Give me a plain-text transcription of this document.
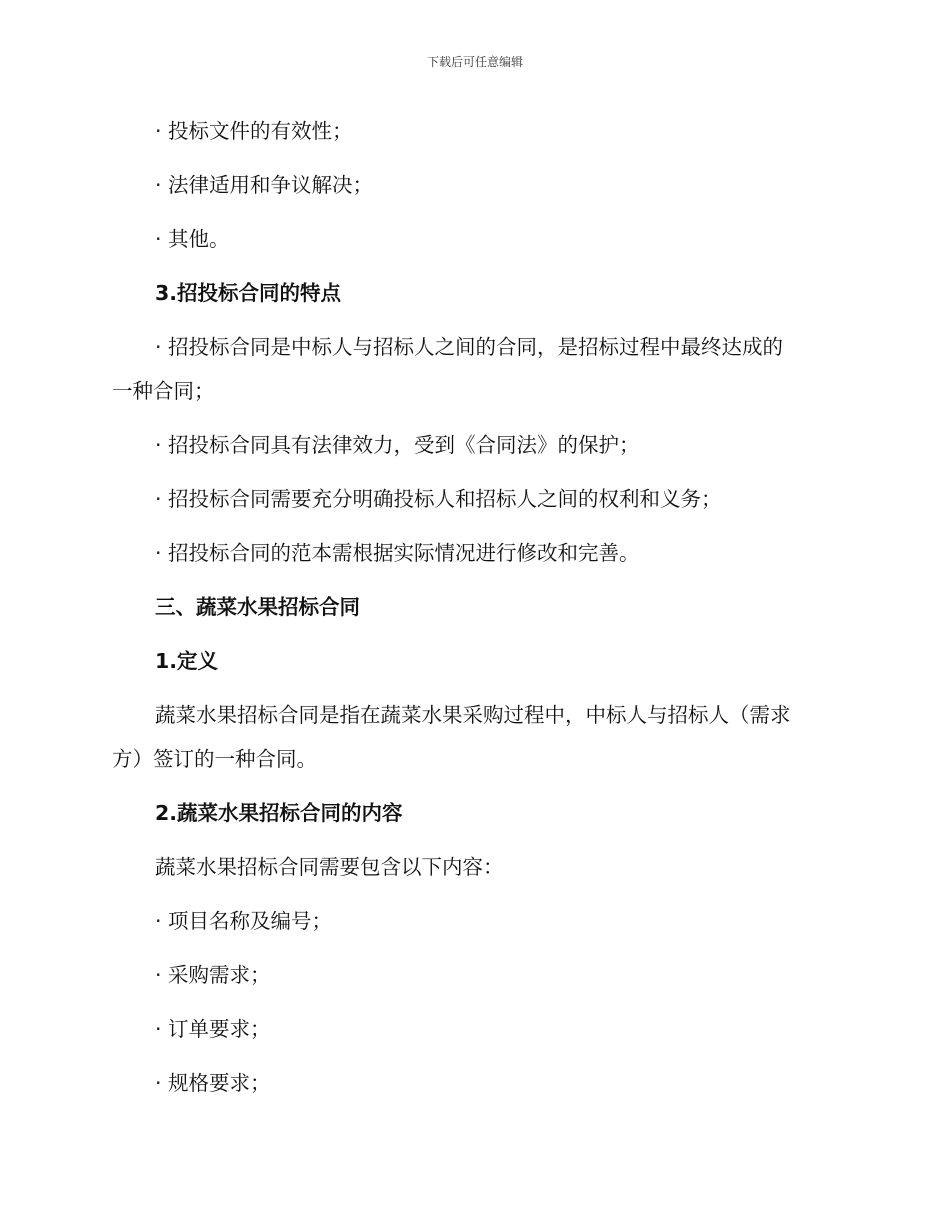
下载后可任意编辑

· 投标文件的有效性；

· 法律适用和争议解决；

· 其他。

3.招投标合同的特点

· 招投标合同是中标人与招标人之间的合同，是招标过程中最终达成的

一种合同；

· 招投标合同具有法律效力，受到《合同法》的保护；

· 招投标合同需要充分明确投标人和招标人之间的权利和义务；

· 招投标合同的范本需根据实际情况进行修改和完善。

三、蔬菜水果招标合同

1.定义

蔬菜水果招标合同是指在蔬菜水果采购过程中，中标人与招标人（需求

方）签订的一种合同。

2.蔬菜水果招标合同的内容

蔬菜水果招标合同需要包含以下内容：

· 项目名称及编号；

· 采购需求；

· 订单要求；

· 规格要求；
